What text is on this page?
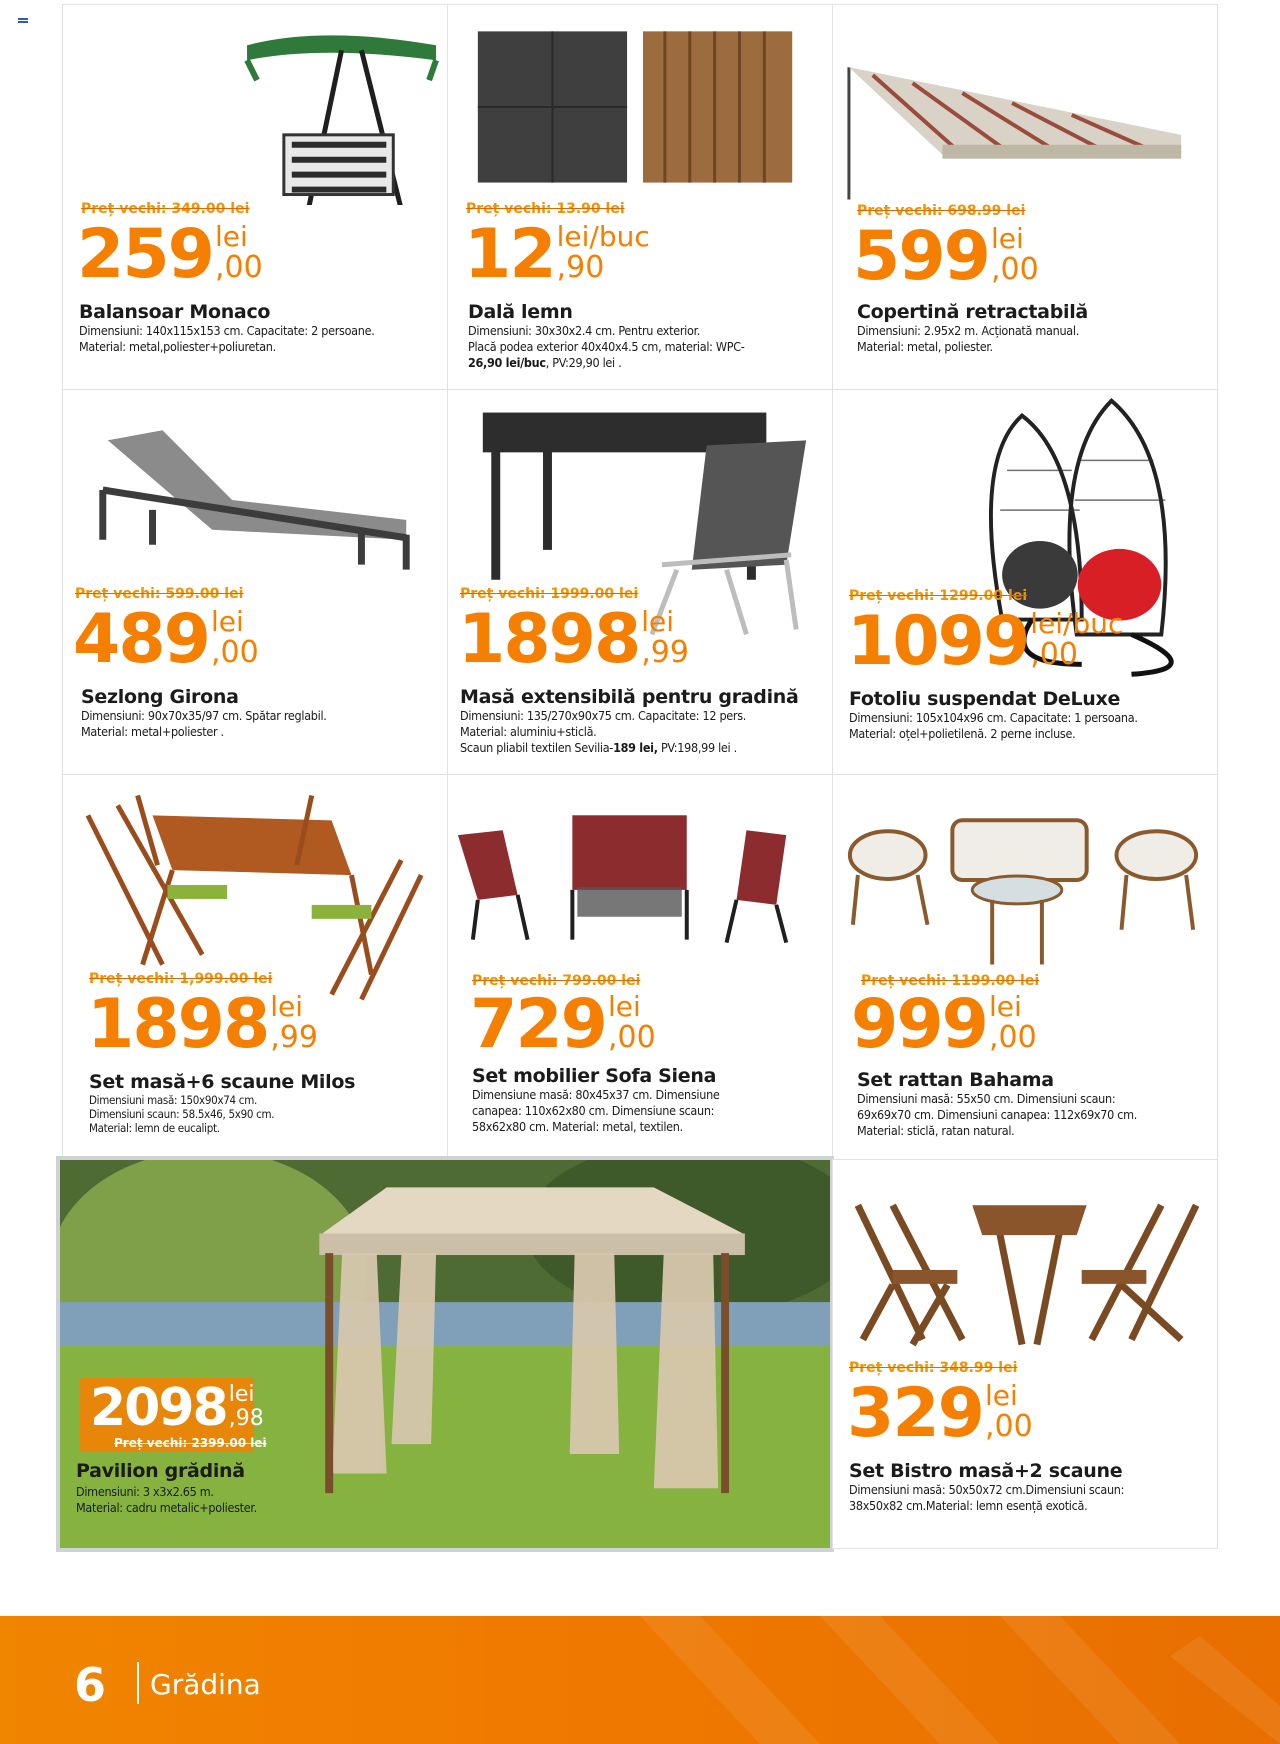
Preț vechi: 349.00 lei
259 lei
,00
Balansoar Monaco
Dimensiuni: 140x115x153 cm. Capacitate: 2 persoane.
Material: metal,poliester+poliuretan.
Preț vechi: 13.90 lei
12 lei/buc
,90
Dală lemn
Dimensiuni: 30x30x2.4 cm. Pentru exterior.
Placă podea exterior 40x40x4.5 cm, material: WPC-
26,90 lei/buc, PV:29,90 lei .
Preț vechi: 698.99 lei
599 lei
,00
Copertină retractabilă
Dimensiuni: 2.95x2 m. Acționată manual.
Material: metal, poliester.
Preț vechi: 599.00 lei
489 lei
,00
Sezlong Girona
Dimensiuni: 90x70x35/97 cm. Spătar reglabil.
Material: metal+poliester .
Preț vechi: 1999.00 lei
1898 lei
,99
Masă extensibilă pentru gradină
Dimensiuni: 135/270x90x75 cm. Capacitate: 12 pers.
Material: aluminiu+sticlă.
Scaun pliabil textilen Sevilia-189 lei, PV:198,99 lei .
Preț vechi: 1299.00 lei
1099 lei/buc
,00
Fotoliu suspendat DeLuxe
Dimensiuni: 105x104x96 cm. Capacitate: 1 persoana.
Material: oțel+polietilenă. 2 perne incluse.
Preț vechi: 1,999.00 lei
1898 lei
,99
Set masă+6 scaune Milos
Dimensiuni masă: 150x90x74 cm.
Dimensiuni scaun: 58.5x46, 5x90 cm.
Material: lemn de eucalipt.
Preț vechi: 799.00 lei
729 lei
,00
Set mobilier Sofa Siena
Dimensiune masă: 80x45x37 cm. Dimensiune
canapea: 110x62x80 cm. Dimensiune scaun:
58x62x80 cm. Material: metal, textilen.
Preț vechi: 1199.00 lei
999 lei
,00
Set rattan Bahama
Dimensiuni masă: 55x50 cm. Dimensiuni scaun:
69x69x70 cm. Dimensiuni canapea: 112x69x70 cm.
Material: sticlă, ratan natural.
2098 lei
,98
Preț vechi: 2399.00 lei
Pavilion grădină
Dimensiuni: 3 x3x2.65 m.
Material: cadru metalic+poliester.
Preț vechi: 348.99 lei
329 lei
,00
Set Bistro masă+2 scaune
Dimensiuni masă: 50x50x72 cm.Dimensiuni scaun:
38x50x82 cm.Material: lemn esență exotică.
6 Grădina
